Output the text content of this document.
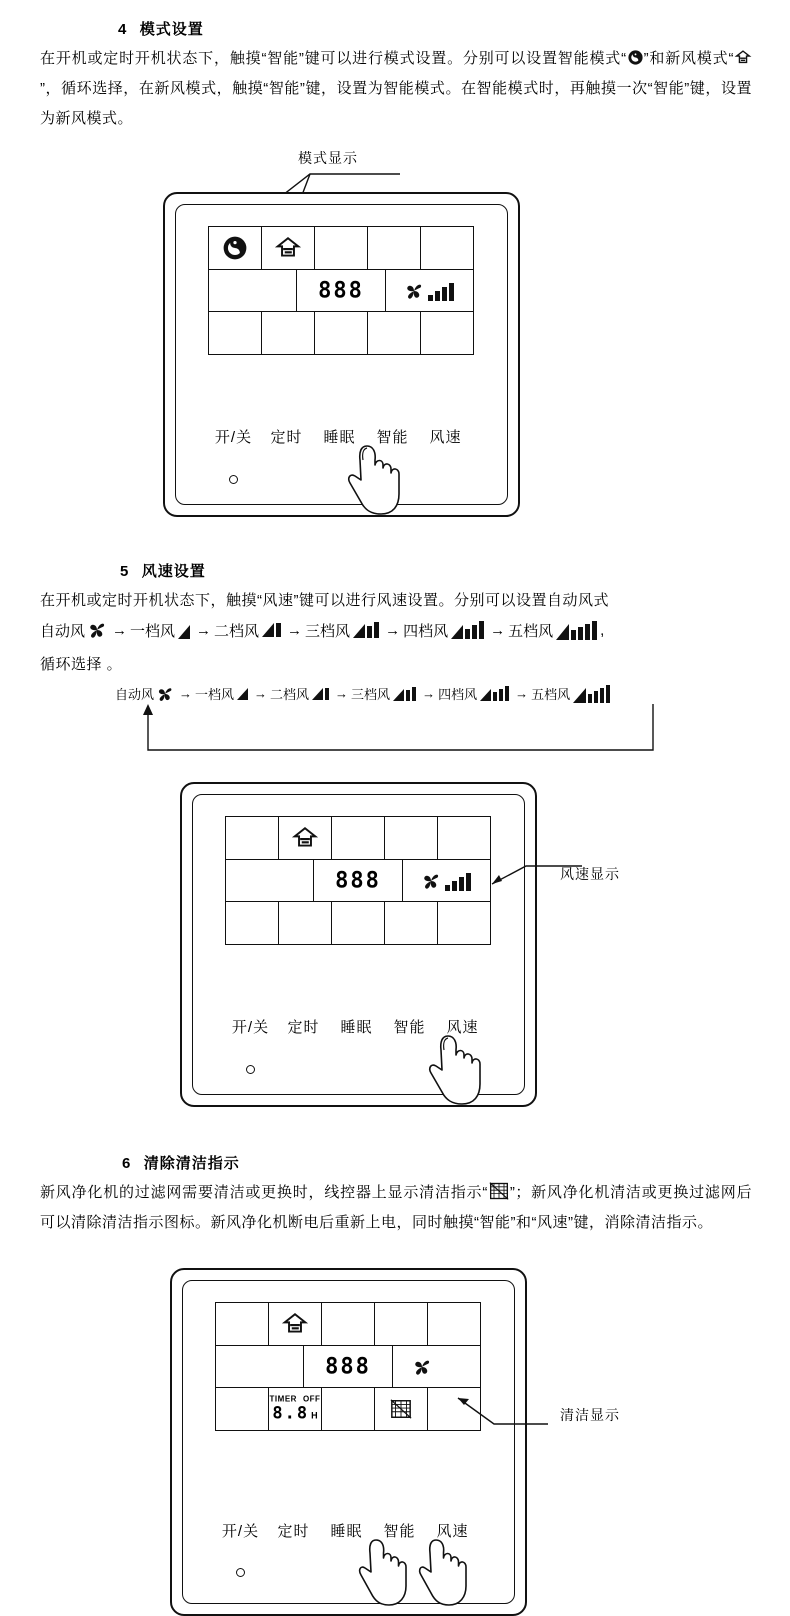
4 模式设置
在开机或定时开机状态下，触摸“智能”键可以进行模式设置。分别可以设置智能模式“ ”和新风模式“
”，循环选择，在新风模式，触摸“智能”键，设置为智能模式。在智能模式时，再触摸一次“智能”键，设置为新风模式。
模式显示
888
开/关	定时	睡眠	智能	风速
5 风速设置
在开机或定时开机状态下，触摸“风速”键可以进行风速设置。分别可以设置自动风式
自动风 → 一档风 → 二档风 → 三档风 → 四档风	→ 五档风	,
循环选择 。
自动风 → 一档风 → 二档风 → 三档风 → 四档风	→ 五档风
888
开/关	定时	睡眠	智能	风速
风速显示
6 清除清洁指示
新风净化机的过滤网需要清洁或更换时，线控器上显示清洁指示“ ”；新风净化机清洁或更换过滤网后可以清除清洁指示图标。新风净化机断电后重新上电，同时触摸“智能”和“风速”键，消除清洁指示。
888
TIMER OFF
8.8 H
开/关	定时	睡眠	智能	风速
清洁显示
